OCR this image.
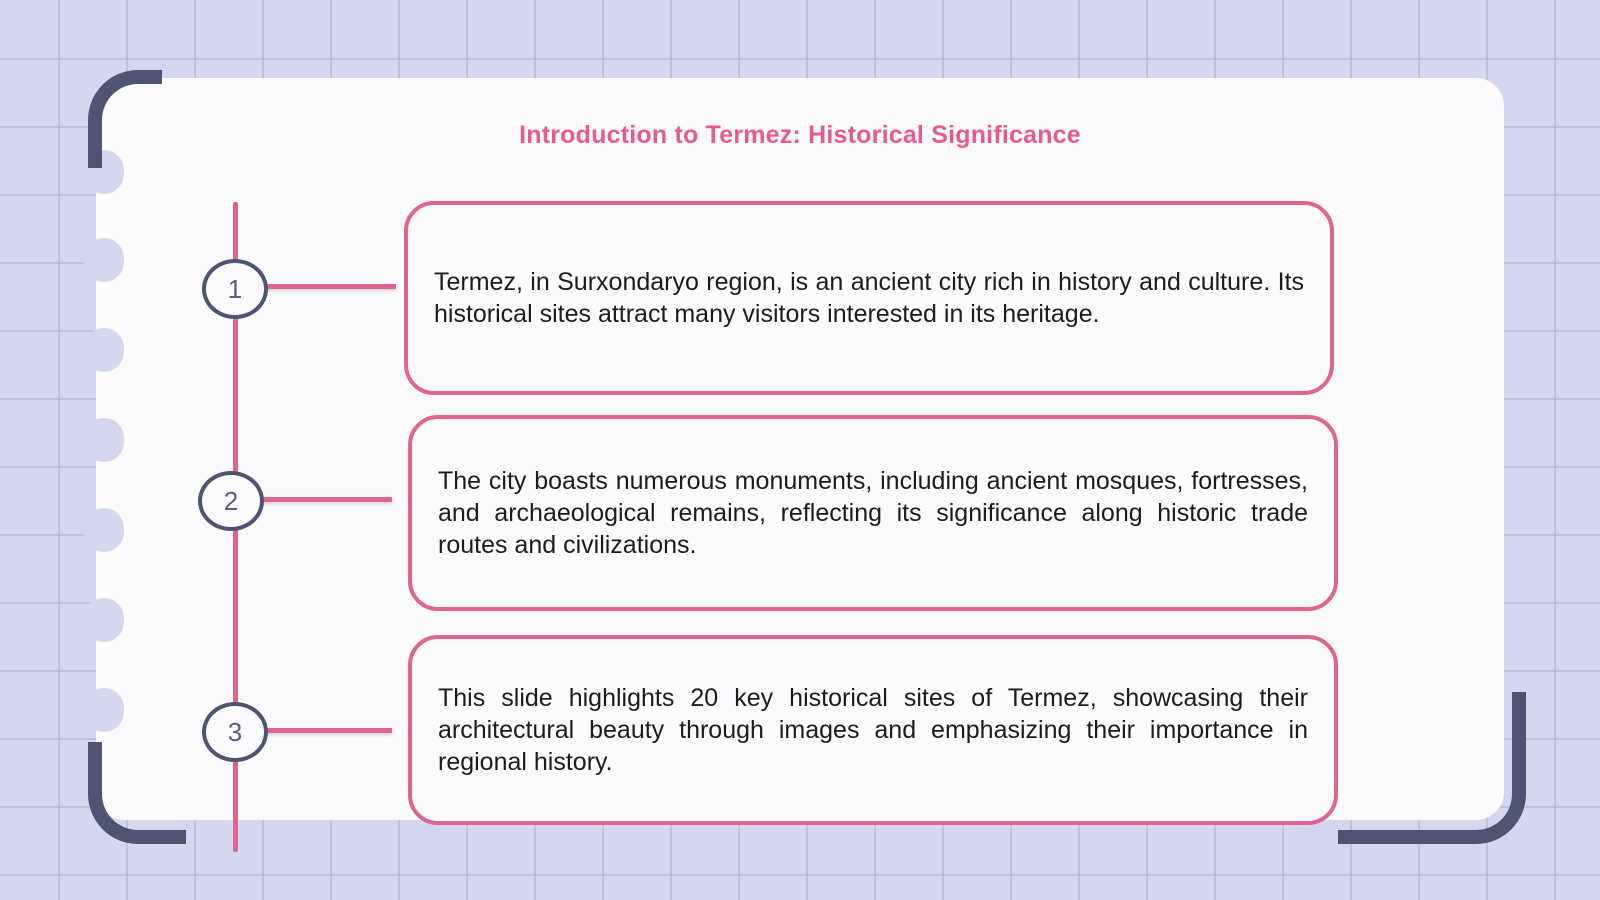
Introduction to Termez: Historical Significance
1
2
3
Termez, in Surxondaryo region, is an ancient city rich in history and culture. Its historical sites attract many visitors interested in its heritage.
The city boasts numerous monuments, including ancient mosques, fortresses, and archaeological remains, reflecting its significance along historic trade routes and civilizations.
This slide highlights 20 key historical sites of Termez, showcasing their architectural beauty through images and emphasizing their importance in regional history.
